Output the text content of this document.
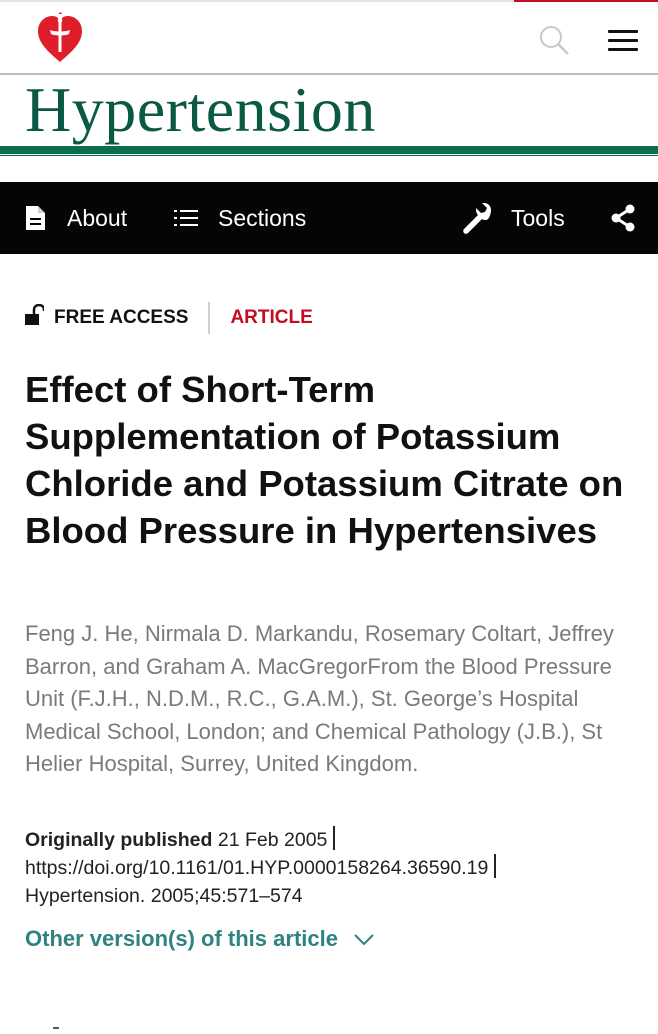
Hypertension
About	Sections	Tools
FREE ACCESS ARTICLE
Effect of Short-Term Supplementation of Potassium Chloride and Potassium Citrate on Blood Pressure in Hypertensives

Feng J. He, Nirmala D. Markandu, Rosemary Coltart, Jeffrey Barron, and Graham A. MacGregorFrom the Blood Pressure Unit (F.J.H., N.D.M., R.C., G.A.M.), St. George’s Hospital Medical School, London; and Chemical Pathology (J.B.), St Helier Hospital, Surrey, United Kingdom.

Originally published 21 Feb 2005
https://doi.org/10.1161/01.HYP.0000158264.36590.19
Hypertension. 2005;45:571–574
Other version(s) of this article
